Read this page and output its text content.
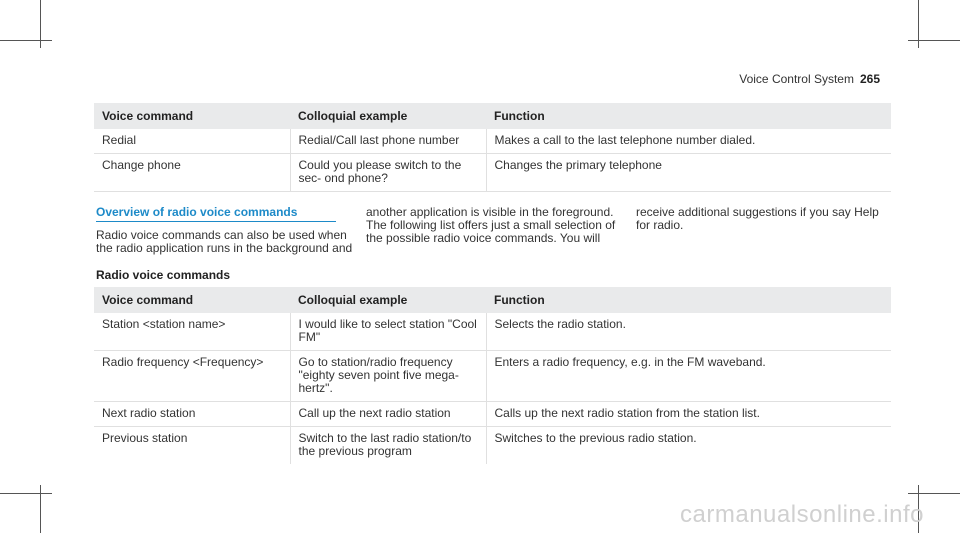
Voice Control System 265
Voice command	Colloquial example	Function
Redial	Redial/Call last phone number	Makes a call to the last telephone number dialed.
Change phone	Could you please switch to the sec- ond phone?	Changes the primary telephone
Overview of radio voice commands
Radio voice commands can also be used when the radio application runs in the background and
another application is visible in the foreground. The following list offers just a small selection of the possible radio voice commands. You will
receive additional suggestions if you say Help for radio.
Radio voice commands
Voice command	Colloquial example	Function
Station <station name>	I would like to select station "Cool FM"	Selects the radio station.
Radio frequency <Frequency>	Go to station/radio frequency "eighty seven point five mega- hertz".	Enters a radio frequency, e.g. in the FM waveband.
Next radio station	Call up the next radio station	Calls up the next radio station from the station list.
Previous station	Switch to the last radio station/to the previous program	Switches to the previous radio station.
carmanualsonline.info
